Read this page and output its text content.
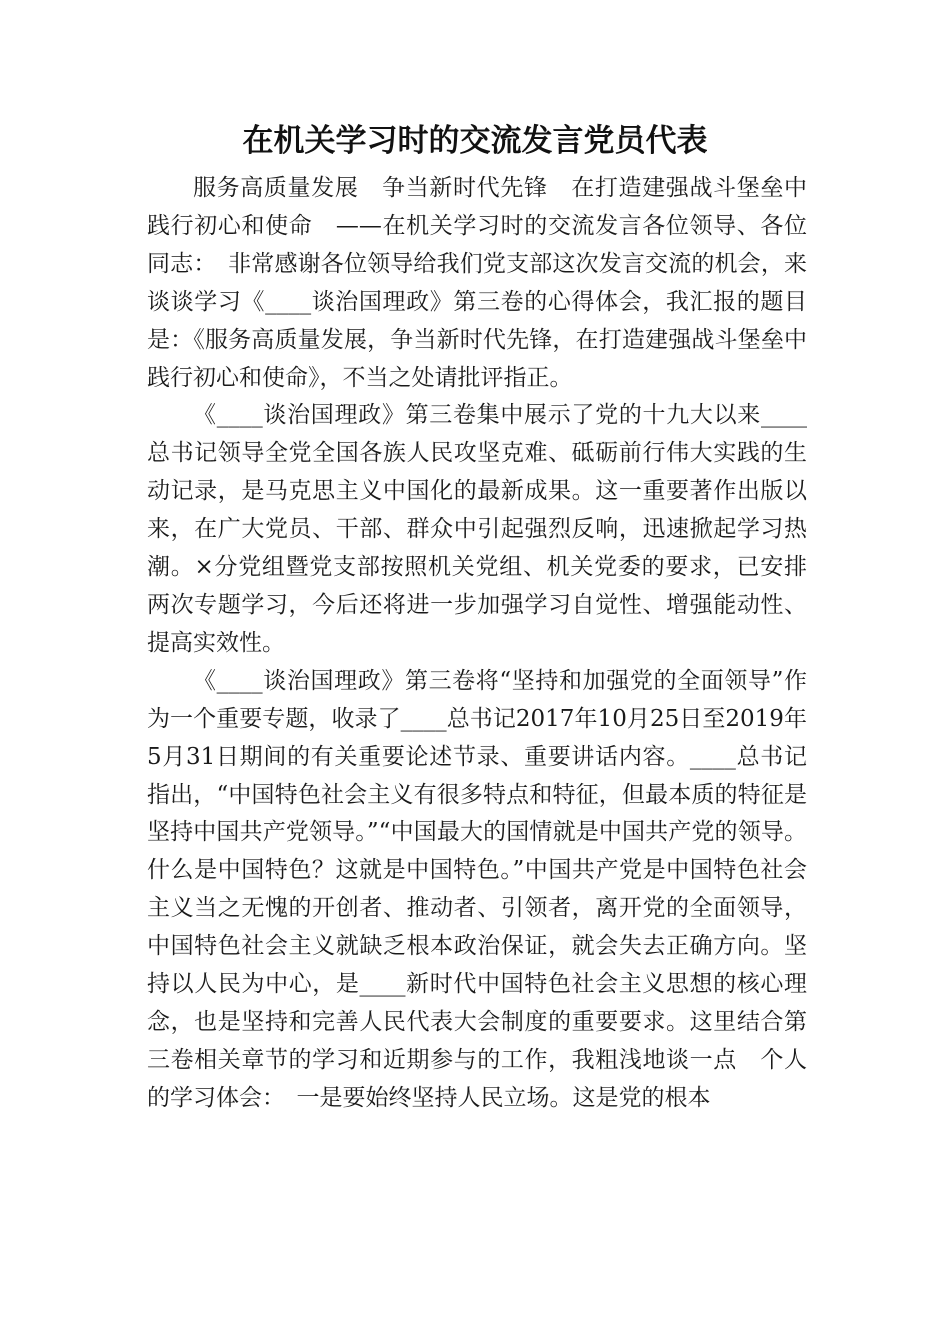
在机关学习时的交流发言党员代表

服务高质量发展　争当新时代先锋　在打造建强战斗堡垒中践行初心和使命　——在机关学习时的交流发言各位领导、各位同志：　非常感谢各位领导给我们党支部这次发言交流的机会，来谈谈学习《____谈治国理政》第三卷的心得体会，我汇报的题目是：《服务高质量发展，争当新时代先锋，在打造建强战斗堡垒中践行初心和使命》，不当之处请批评指正。

《____谈治国理政》第三卷集中展示了党的十九大以来____总书记领导全党全国各族人民攻坚克难、砥砺前行伟大实践的生动记录，是马克思主义中国化的最新成果。这一重要著作出版以来，在广大党员、干部、群众中引起强烈反响，迅速掀起学习热潮。×分党组暨党支部按照机关党组、机关党委的要求，已安排两次专题学习，今后还将进一步加强学习自觉性、增强能动性、提高实效性。

《____谈治国理政》第三卷将“坚持和加强党的全面领导”作为一个重要专题，收录了____总书记2017年10月25日至2019年5月31日期间的有关重要论述节录、重要讲话内容。____总书记指出，“中国特色社会主义有很多特点和特征，但最本质的特征是坚持中国共产党领导。”“中国最大的国情就是中国共产党的领导。什么是中国特色？这就是中国特色。”中国共产党是中国特色社会主义当之无愧的开创者、推动者、引领者，离开党的全面领导，中国特色社会主义就缺乏根本政治保证，就会失去正确方向。坚持以人民为中心，是____新时代中国特色社会主义思想的核心理念，也是坚持和完善人民代表大会制度的重要要求。这里结合第三卷相关章节的学习和近期参与的工作，我粗浅地谈一点　个人的学习体会：　一是要始终坚持人民立场。这是党的根本
